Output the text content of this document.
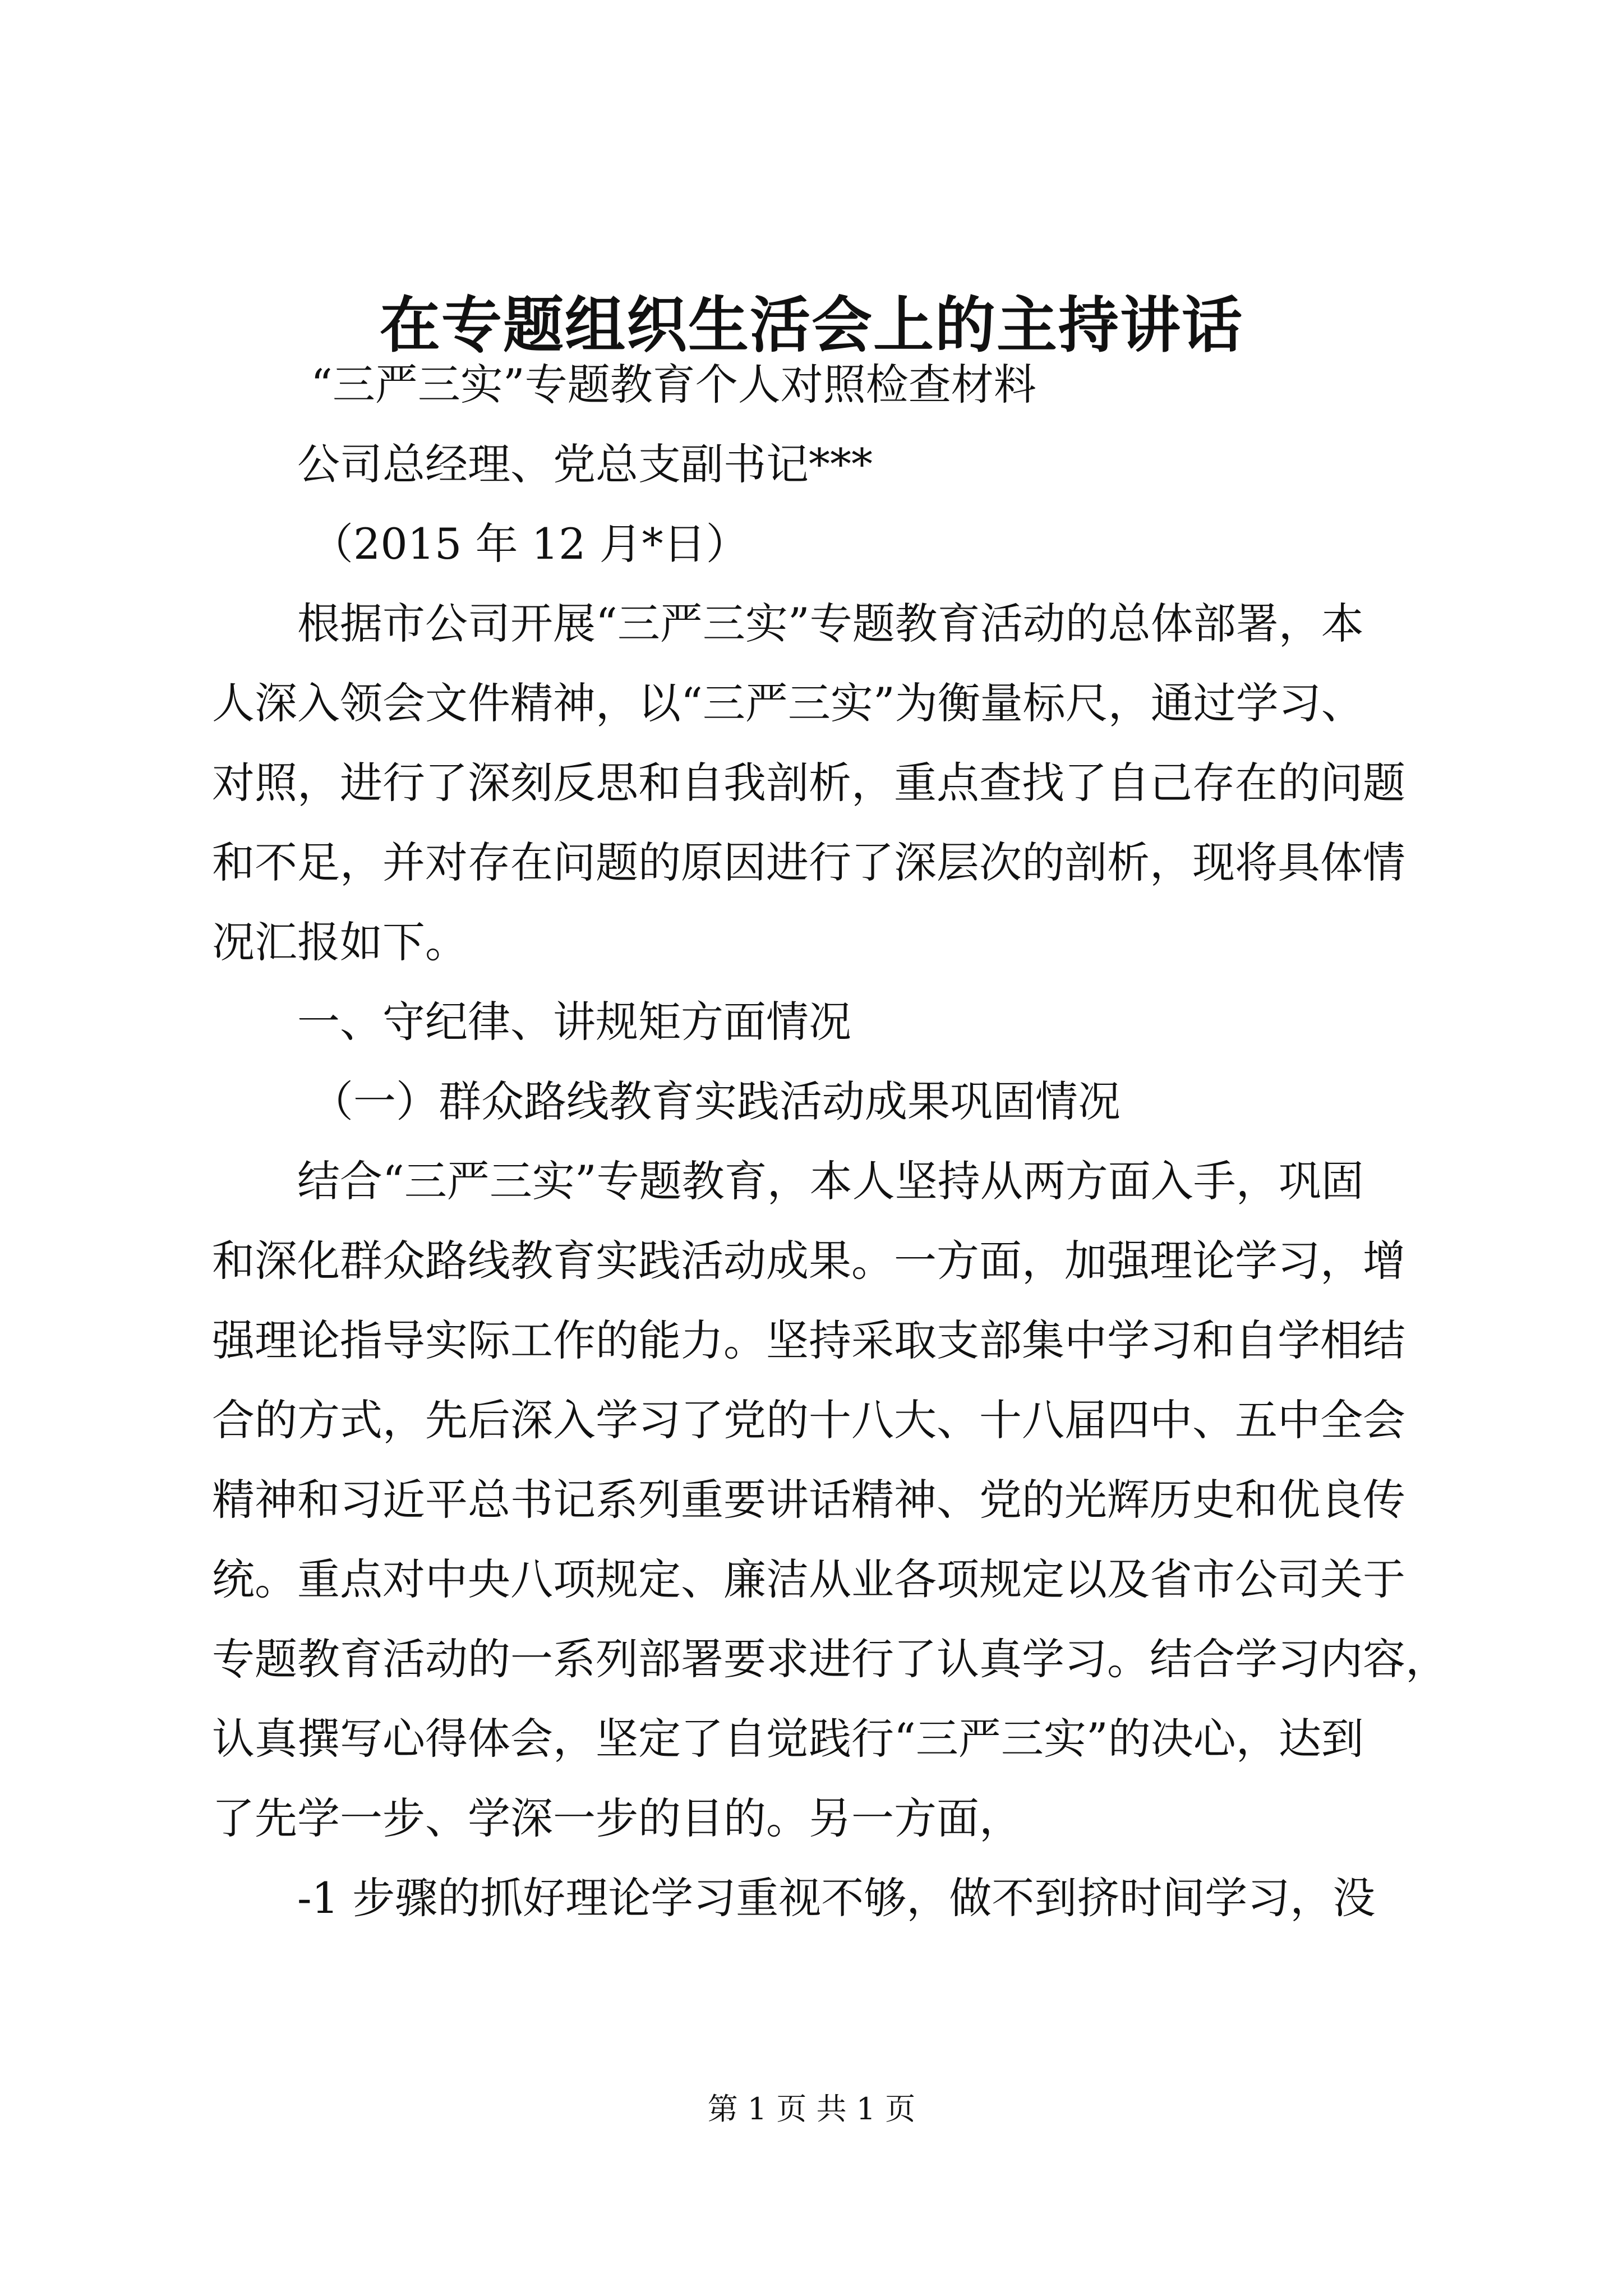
在专题组织生活会上的主持讲话

“三严三实”专题教育个人对照检查材料

公司总经理、党总支副书记***

（2015 年 12 月*日）

根据市公司开展“三严三实”专题教育活动的总体部署，本

人深入领会文件精神，以“三严三实”为衡量标尺，通过学习、

对照，进行了深刻反思和自我剖析，重点查找了自己存在的问题

和不足，并对存在问题的原因进行了深层次的剖析，现将具体情

况汇报如下。

一、守纪律、讲规矩方面情况

（一）群众路线教育实践活动成果巩固情况

结合“三严三实”专题教育，本人坚持从两方面入手，巩固

和深化群众路线教育实践活动成果。一方面，加强理论学习，增

强理论指导实际工作的能力。坚持采取支部集中学习和自学相结

合的方式，先后深入学习了党的十八大、十八届四中、五中全会

精神和习近平总书记系列重要讲话精神、党的光辉历史和优良传

统。重点对中央八项规定、廉洁从业各项规定以及省市公司关于

专题教育活动的一系列部署要求进行了认真学习。结合学习内容，

认真撰写心得体会，坚定了自觉践行“三严三实”的决心，达到

了先学一步、学深一步的目的。另一方面，

-1 步骤的抓好理论学习重视不够，做不到挤时间学习，没

第 1 页 共 1 页
